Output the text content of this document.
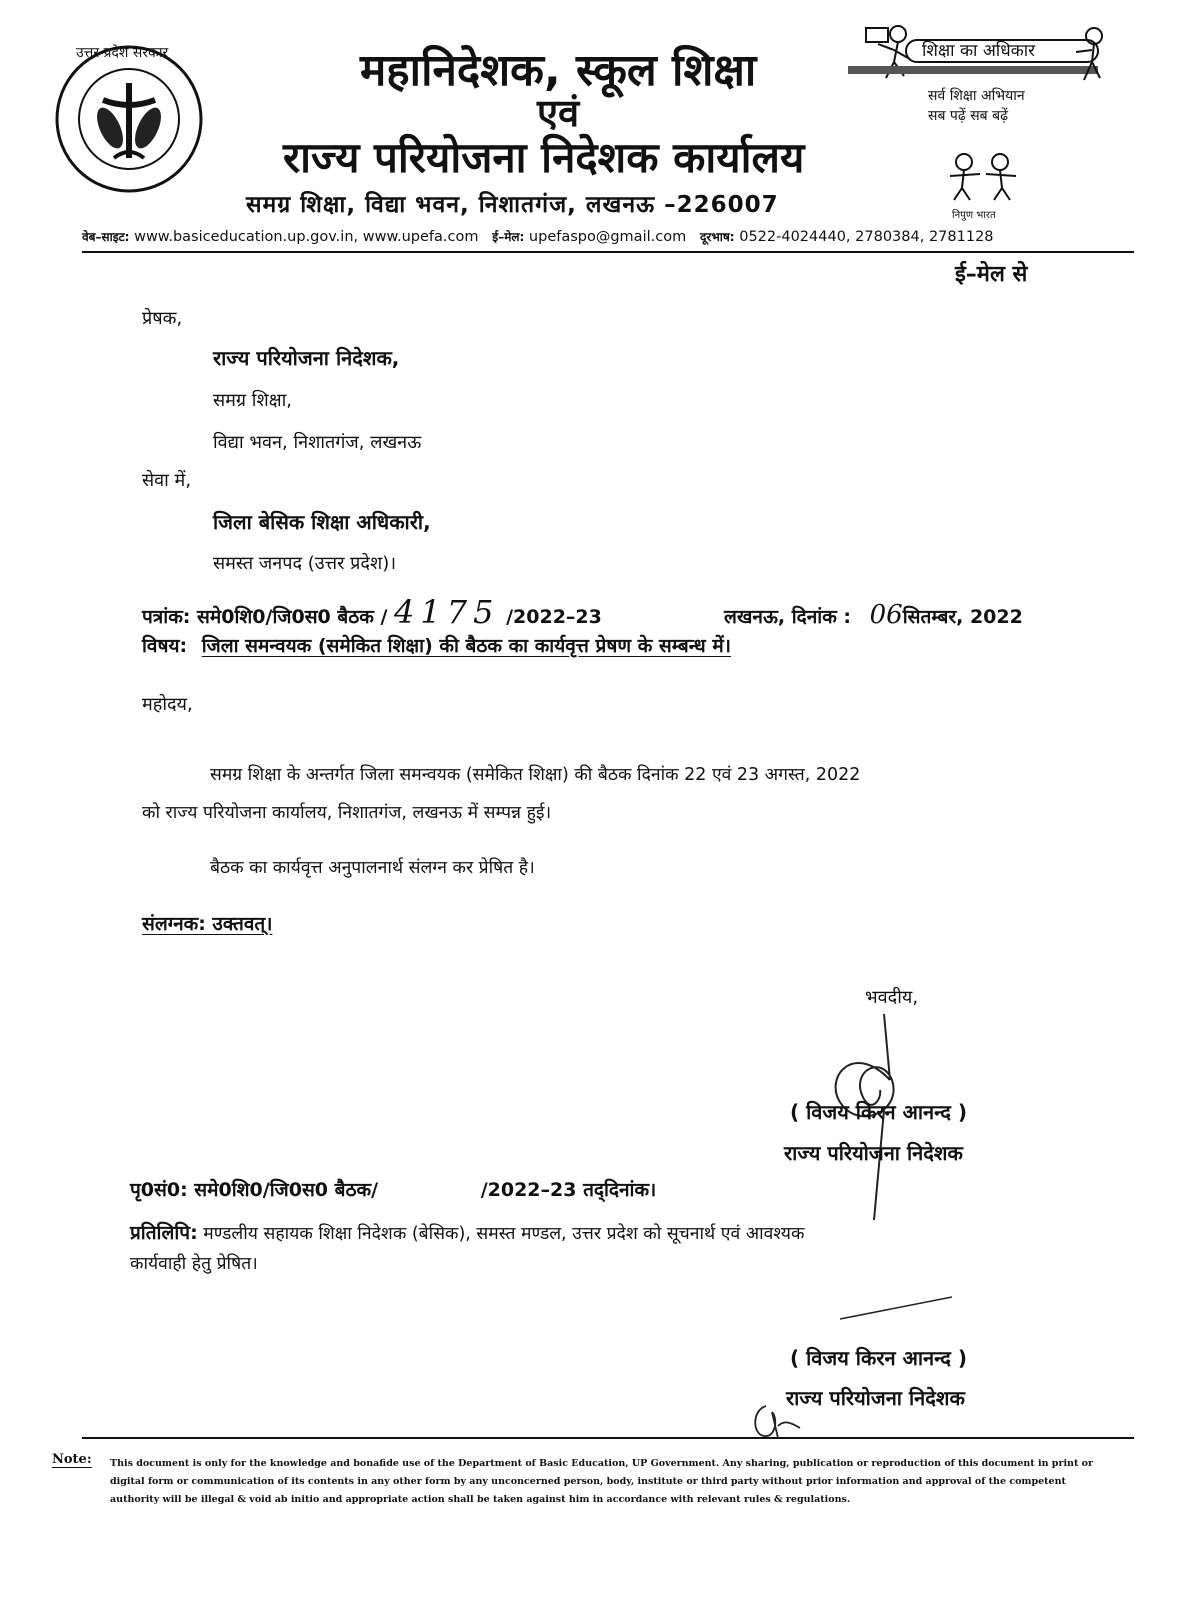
उत्तर प्रदेश सरकार	महानिदेशक, स्कूल शिक्षा
एवं
राज्य परियोजना निदेशक कार्यालय
समग्र शिक्षा, विद्या भवन, निशातगंज, लखनऊ –226007
शिक्षा का अधिकार
सर्व शिक्षा अभियान
सब पढ़ें सब बढ़ें
निपुण भारत
वेब–साइट: www.basiceducation.up.gov.in, www.upefa.com ई–मेल: upefaspo@gmail.com दूरभाष: 0522-4024440, 2780384, 2781128
ई–मेल से
प्रेषक,
राज्य परियोजना निदेशक,
समग्र शिक्षा,
विद्या भवन, निशातगंज, लखनऊ
सेवा में,
जिला बेसिक शिक्षा अधिकारी,
समस्त जनपद (उत्तर प्रदेश)।
पत्रांक: समे0शि0/जि0स0 बैठक / 4175 /2022–23	लखनऊ, दिनांक : 06सितम्बर, 2022
विषय: जिला समन्वयक (समेकित शिक्षा) की बैठक का कार्यवृत्त प्रेषण के सम्बन्ध में।
महोदय,
समग्र शिक्षा के अन्तर्गत जिला समन्वयक (समेकित शिक्षा) की बैठक दिनांक 22 एवं 23 अगस्त, 2022
को राज्य परियोजना कार्यालय, निशातगंज, लखनऊ में सम्पन्न हुई।
बैठक का कार्यवृत्त अनुपालनार्थ संलग्न कर प्रेषित है।
संलग्नक: उक्तवत्।
भवदीय,
( विजय किरन आनन्द )
राज्य परियोजना निदेशक
पृ0सं0: समे0शि0/जि0स0 बैठक/	/2022–23 तद्‌दिनांक।
प्रतिलिपि: मण्डलीय सहायक शिक्षा निदेशक (बेसिक), समस्त मण्डल, उत्तर प्रदेश को सूचनार्थ एवं आवश्यक
कार्यवाही हेतु प्रेषित।
( विजय किरन आनन्द )
राज्य परियोजना निदेशक
Note: This document is only for the knowledge and bonafide use of the Department of Basic Education, UP Government. Any sharing, publication or reproduction of this document in print or digital form or communication of its contents in any other form by any unconcerned person, body, institute or third party without prior information and approval of the competent authority will be illegal & void ab initio and appropriate action shall be taken against him in accordance with relevant rules & regulations.
